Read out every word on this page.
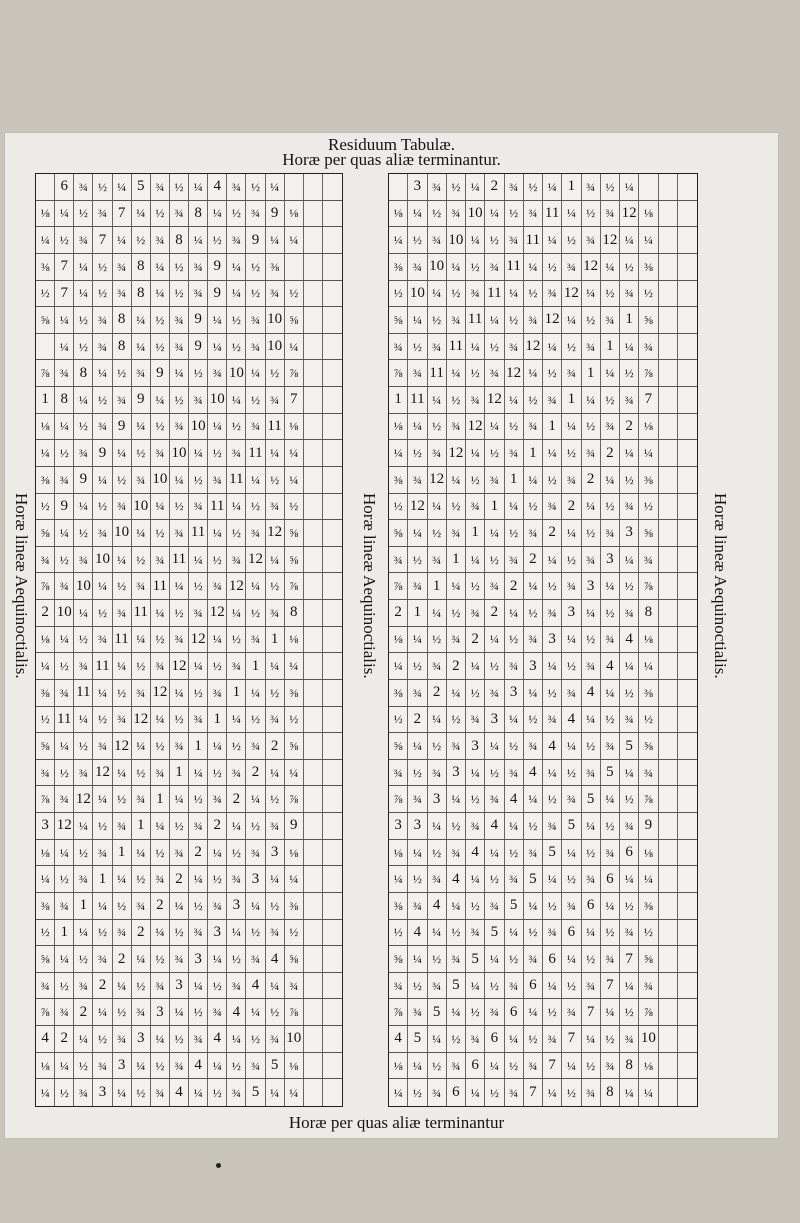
Residuum Tabulæ.
Horæ per quas aliæ terminantur.
Horæ lineæ Aequinoctialis.	Horæ lineæ Aequinoctialis.	Horæ lineæ Aequinoctialis.
6 ¾ ½ ¼ 5 ¾ ½ ¼ 4 ¾ ½ ¼
⅛ ¼ ½ ¾ 7 ¼ ½ ¾ 8 ¼ ½ ¾ 9 ⅛
¼ ½ ¾ 7 ¼ ½ ¾ 8 ¼ ½ ¾ 9 ¼ ¼
⅜ 7 ¼ ½ ¾ 8 ¼ ½ ¾ 9 ¼ ½ ⅜
½ 7 ¼ ½ ¾ 8 ¼ ½ ¾ 9 ¼ ½ ¾ ½
⅝ ¼ ½ ¾ 8 ¼ ½ ¾ 9 ¼ ½ ¾ 10 ⅝
¼ ½ ¾ 8 ¼ ½ ¾ 9 ¼ ½ ¾ 10 ¼
⅞ ¾ 8 ¼ ½ ¾ 9 ¼ ½ ¾ 10 ¼ ½ ⅞
1 8 ¼ ½ ¾ 9 ¼ ½ ¾ 10 ¼ ½ ¾ 7
⅛ ¼ ½ ¾ 9 ¼ ½ ¾ 10 ¼ ½ ¾ 11 ⅛
¼ ½ ¾ 9 ¼ ½ ¾ 10 ¼ ½ ¾ 11 ¼ ¼
⅜ ¾ 9 ¼ ½ ¾ 10 ¼ ½ ¾ 11 ¼ ½ ¼
½ 9 ¼ ½ ¾ 10 ¼ ½ ¾ 11 ¼ ½ ¾ ½
⅝ ¼ ½ ¾ 10 ¼ ½ ¾ 11 ¼ ½ ¾ 12 ⅝
¾ ½ ¾ 10 ¼ ½ ¾ 11 ¼ ½ ¾ 12 ¼ ⅝
⅞ ¾ 10 ¼ ½ ¾ 11 ¼ ½ ¾ 12 ¼ ½ ⅞
2 10 ¼ ½ ¾ 11 ¼ ½ ¾ 12 ¼ ½ ¾ 8
⅛ ¼ ½ ¾ 11 ¼ ½ ¾ 12 ¼ ½ ¾ 1 ⅛
¼ ½ ¾ 11 ¼ ½ ¾ 12 ¼ ½ ¾ 1 ¼ ¼
⅜ ¾ 11 ¼ ½ ¾ 12 ¼ ½ ¾ 1 ¼ ½ ⅜
½ 11 ¼ ½ ¾ 12 ¼ ½ ¾ 1 ¼ ½ ¾ ½
⅝ ¼ ½ ¾ 12 ¼ ½ ¾ 1 ¼ ½ ¾ 2 ⅝
¾ ½ ¾ 12 ¼ ½ ¾ 1 ¼ ½ ¾ 2 ¼ ¼
⅞ ¾ 12 ¼ ½ ¾ 1 ¼ ½ ¾ 2 ¼ ½ ⅞
3 12 ¼ ½ ¾ 1 ¼ ½ ¾ 2 ¼ ½ ¾ 9
⅛ ¼ ½ ¾ 1 ¼ ½ ¾ 2 ¼ ½ ¾ 3 ⅛
¼ ½ ¾ 1 ¼ ½ ¾ 2 ¼ ½ ¾ 3 ¼ ¼
⅜ ¾ 1 ¼ ½ ¾ 2 ¼ ½ ¾ 3 ¼ ½ ⅜
½ 1 ¼ ½ ¾ 2 ¼ ½ ¾ 3 ¼ ½ ¾ ½
⅝ ¼ ½ ¾ 2 ¼ ½ ¾ 3 ¼ ½ ¾ 4 ⅝
¾ ½ ¾ 2 ¼ ½ ¾ 3 ¼ ½ ¾ 4 ¼ ¾
⅞ ¾ 2 ¼ ½ ¾ 3 ¼ ½ ¾ 4 ¼ ½ ⅞
4 2 ¼ ½ ¾ 3 ¼ ½ ¾ 4 ¼ ½ ¾ 10
⅛ ¼ ½ ¾ 3 ¼ ½ ¾ 4 ¼ ½ ¾ 5 ⅛
¼ ½ ¾ 3 ¼ ½ ¾ 4 ¼ ½ ¾ 5 ¼ ¼
3 ¾ ½ ¼ 2 ¾ ½ ¼ 1 ¾ ½ ¼
⅛ ¼ ½ ¾ 10 ¼ ½ ¾ 11 ¼ ½ ¾ 12 ⅛
¼ ½ ¾ 10 ¼ ½ ¾ 11 ¼ ½ ¾ 12 ¼ ¼
⅜ ¾ 10 ¼ ½ ¾ 11 ¼ ½ ¾ 12 ¼ ½ ⅜
½ 10 ¼ ½ ¾ 11 ¼ ½ ¾ 12 ¼ ½ ¾ ½
⅝ ¼ ½ ¾ 11 ¼ ½ ¾ 12 ¼ ½ ¾ 1 ⅝
¾ ½ ¾ 11 ¼ ½ ¾ 12 ¼ ½ ¾ 1 ¼ ¾
⅞ ¾ 11 ¼ ½ ¾ 12 ¼ ½ ¾ 1 ¼ ½ ⅞
1 11 ¼ ½ ¾ 12 ¼ ½ ¾ 1 ¼ ½ ¾ 7
⅛ ¼ ½ ¾ 12 ¼ ½ ¾ 1 ¼ ½ ¾ 2 ⅛
¼ ½ ¾ 12 ¼ ½ ¾ 1 ¼ ½ ¾ 2 ¼ ¼
⅜ ¾ 12 ¼ ½ ¾ 1 ¼ ½ ¾ 2 ¼ ½ ⅜
½ 12 ¼ ½ ¾ 1 ¼ ½ ¾ 2 ¼ ½ ¾ ½
⅝ ¼ ½ ¾ 1 ¼ ½ ¾ 2 ¼ ½ ¾ 3 ⅝
¾ ½ ¾ 1 ¼ ½ ¾ 2 ¼ ½ ¾ 3 ¼ ¾
⅞ ¾ 1 ¼ ½ ¾ 2 ¼ ½ ¾ 3 ¼ ½ ⅞
2 1 ¼ ½ ¾ 2 ¼ ½ ¾ 3 ¼ ½ ¾ 8
⅛ ¼ ½ ¾ 2 ¼ ½ ¾ 3 ¼ ½ ¾ 4 ⅛
¼ ½ ¾ 2 ¼ ½ ¾ 3 ¼ ½ ¾ 4 ¼ ¼
⅜ ¾ 2 ¼ ½ ¾ 3 ¼ ½ ¾ 4 ¼ ½ ⅜
½ 2 ¼ ½ ¾ 3 ¼ ½ ¾ 4 ¼ ½ ¾ ½
⅝ ¼ ½ ¾ 3 ¼ ½ ¾ 4 ¼ ½ ¾ 5 ⅝
¾ ½ ¾ 3 ¼ ½ ¾ 4 ¼ ½ ¾ 5 ¼ ¾
⅞ ¾ 3 ¼ ½ ¾ 4 ¼ ½ ¾ 5 ¼ ½ ⅞
3 3 ¼ ½ ¾ 4 ¼ ½ ¾ 5 ¼ ½ ¾ 9
⅛ ¼ ½ ¾ 4 ¼ ½ ¾ 5 ¼ ½ ¾ 6 ⅛
¼ ½ ¾ 4 ¼ ½ ¾ 5 ¼ ½ ¾ 6 ¼ ¼
⅜ ¾ 4 ¼ ½ ¾ 5 ¼ ½ ¾ 6 ¼ ½ ⅜
½ 4 ¼ ½ ¾ 5 ¼ ½ ¾ 6 ¼ ½ ¾ ½
⅝ ¼ ½ ¾ 5 ¼ ½ ¾ 6 ¼ ½ ¾ 7 ⅝
¾ ½ ¾ 5 ¼ ½ ¾ 6 ¼ ½ ¾ 7 ¼ ¾
⅞ ¾ 5 ¼ ½ ¾ 6 ¼ ½ ¾ 7 ¼ ½ ⅞
4 5 ¼ ½ ¾ 6 ¼ ½ ¾ 7 ¼ ½ ¾ 10
⅛ ¼ ½ ¾ 6 ¼ ½ ¾ 7 ¼ ½ ¾ 8 ⅛
¼ ½ ¾ 6 ¼ ½ ¾ 7 ¼ ½ ¾ 8 ¼ ¼
Horæ per quas aliæ terminantur
